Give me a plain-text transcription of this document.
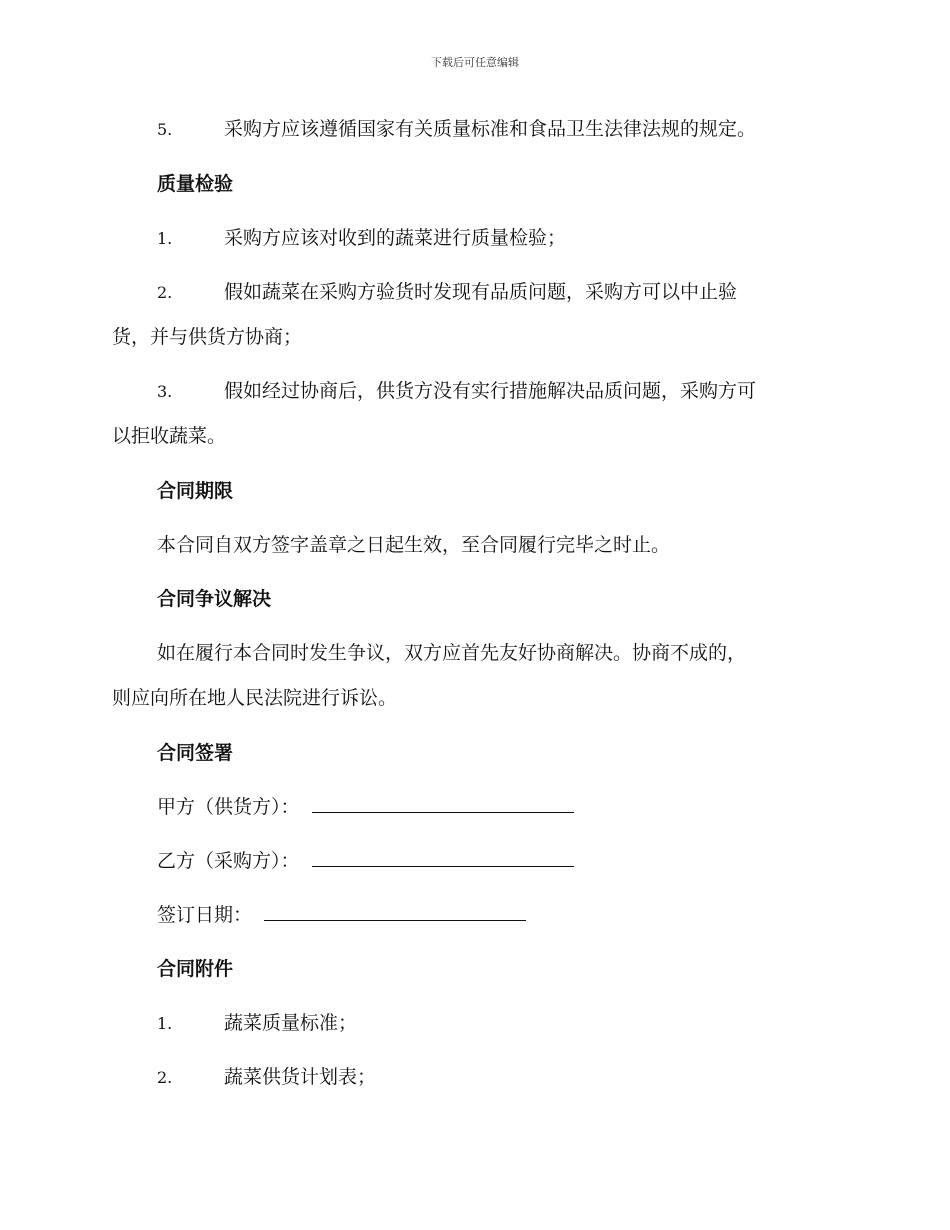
下载后可任意编辑
5.	采购方应该遵循国家有关质量标准和食品卫生法律法规的规定。
质量检验
1.	采购方应该对收到的蔬菜进行质量检验；
2.	假如蔬菜在采购方验货时发现有品质问题，采购方可以中止验
货，并与供货方协商；
3.	假如经过协商后，供货方没有实行措施解决品质问题，采购方可
以拒收蔬菜。
合同期限
本合同自双方签字盖章之日起生效，至合同履行完毕之时止。
合同争议解决
如在履行本合同时发生争议，双方应首先友好协商解决。协商不成的，
则应向所在地人民法院进行诉讼。
合同签署
甲方（供货方）：
乙方（采购方）：
签订日期：
合同附件
1.	蔬菜质量标准；
2.	蔬菜供货计划表；
